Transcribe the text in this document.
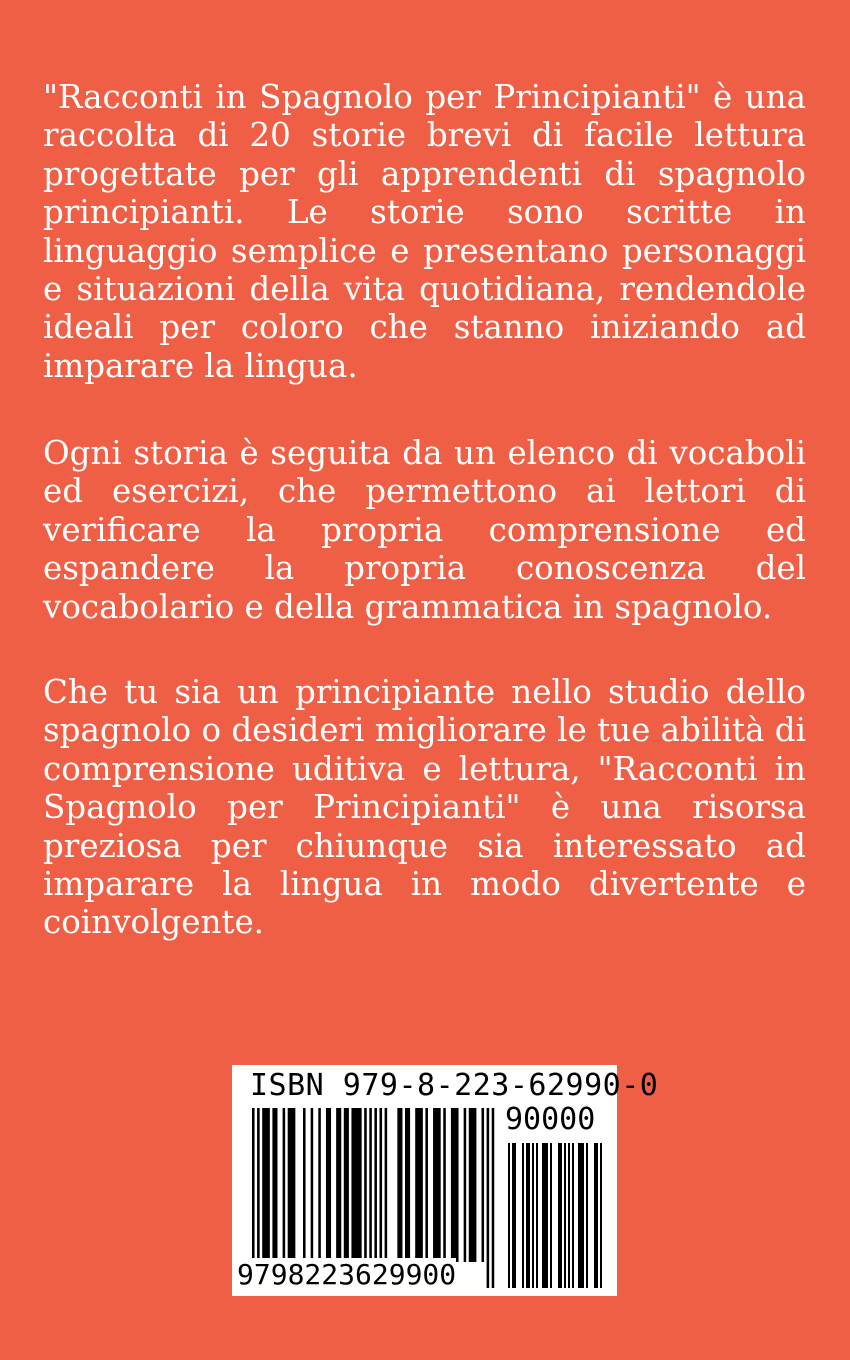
"Racconti in Spagnolo per Principianti" è una raccolta di 20 storie brevi di facile lettura progettate per gli apprendenti di spagnolo principianti. Le storie sono scritte in linguaggio semplice e presentano personaggi e situazioni della vita quotidiana, rendendole ideali per coloro che stanno iniziando ad imparare la lingua.

Ogni storia è seguita da un elenco di vocaboli ed esercizi, che permettono ai lettori di verificare la propria comprensione ed espandere la propria conoscenza del vocabolario e della grammatica in spagnolo.

Che tu sia un principiante nello studio dello spagnolo o desideri migliorare le tue abilità di comprensione uditiva e lettura, "Racconti in Spagnolo per Principianti" è una risorsa preziosa per chiunque sia interessato ad imparare la lingua in modo divertente e coinvolgente.

ISBN 979-8-223-62990-0
90000
9798223629900
